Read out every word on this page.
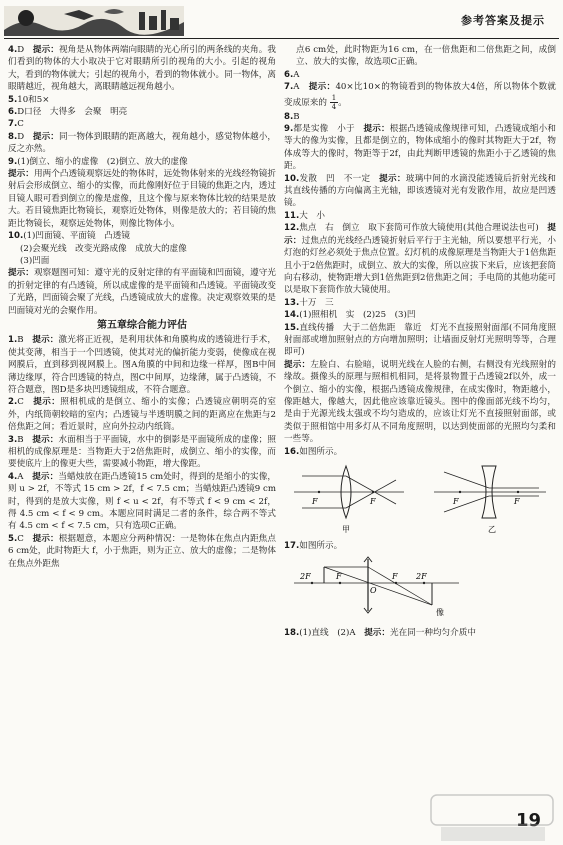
参考答案及提示

4.D　 提示：视角是从物体两端向眼睛的光心所引的两条线的夹角。我们看到的物体的大小取决于它对眼睛所引的视角的大小。引起的视角大，看到的物体就大；引起的视角小，看到的物体就小。同一物体，离眼睛越近，视角越大，离眼睛越远视角越小。

5.10和5×

6.D口径　大得多　会聚　明亮

7.C

8.D　 提示：同一物体到眼睛的距离越大，视角越小，感觉物体越小，反之亦然。

9.(1)倒立、缩小的虚像　(2)倒立、放大的虚像
提示：用两个凸透镜观察远处的物体时，远处物体射来的光线经物镜折射后会形成倒立、缩小的实像，而此像刚好位于目镜的焦距之内，透过目镜人眼可看到倒立的像是虚像，且这个像与原来物体比较的结果是放大。若目镜焦距比物镜长，观察近处物体，则像是放大的；若目镜的焦距比物镜长，观察远处物体，则像比物体小。

10.(1)凹面镜、平面镜　凸透镜

(2)会聚光线　改变光路成像　成放大的虚像

(3)凹面

提示：观察题图可知：遵守光的反射定律的有平面镜和凹面镜，遵守光的折射定律的有凸透镜，所以成虚像的是平面镜和凸透镜。平面镜改变了光路，凹面镜会聚了光线，凸透镜成放大的虚像。决定观察效果的是凹面镜对光的会聚作用。

第五章综合能力评估

1.B　 提示：激光将正近视，是利用状体和角膜构成的透镜进行手术，使其变薄，相当于一个凹透镜，使其对光的偏折能力变弱，使像成在视网膜后，直到移到视网膜上。图A角膜的中间和边缘一样厚，图B中间薄边缘厚，符合凹透镜的特点，图C中间厚，边缘薄，属于凸透镜，不符合题意，图D是多块凹透镜组成，不符合题意。

2.C　 提示：照相机成的是倒立、缩小的实像；凸透镜应朝明亮的室外，内纸筒朝较暗的室内；凸透镜与半透明膜之间的距离应在焦距与2倍焦距之间；看近景时，应向外拉动内纸筒。

3.B　 提示：水面相当于平面镜，水中的倒影是平面镜所成的虚像；照相机的成像原理是：当物距大于2倍焦距时，成倒立、缩小的实像，而要使底片上的像更大些，需要减小物距，增大像距。

4.A　 提示：当蜡烛放在距凸透镜15 cm处时，得到的是缩小的实像，则 u > 2f，不等式 15 cm > 2f，f < 7.5 cm；当蜡烛距凸透镜9 cm时，得到的是放大实像，则 f < u < 2f，有不等式 f < 9 cm < 2f，得 4.5 cm < f < 9 cm。本题应同时满足二者的条件，综合两不等式有 4.5 cm < f < 7.5 cm，只有选项C正确。

5.C　 提示：根据题意，本题应分两种情况：一是物体在焦点内距焦点6 cm处，此时物距大 f，小于焦距，则为正立、放大的虚像；二是物体在焦点外距焦

点6 cm处，此时物距为16 cm，在一倍焦距和二倍焦距之间，成倒立、放大的实像，故选项C正确。

6.A

7.A　 提示：40×比10×的物镜看到的物体放大4倍，所以物体个数就变成原来的 $\frac{1}{4}$ 。

8.B

9.都是实像　小于　 提示：根据凸透镜成像规律可知，凸透镜成缩小和等大的像为实像，且都是倒立的，物体成缩小的像时其物距大于2f，物体成等大的像时，物距等于2f，由此判断甲透镜的焦距小于乙透镜的焦距。

10.发散　凹　不一定　 提示：玻璃中间的水滴没能透镜后折射光线和其直线传播的方向偏离主光轴，即该透镜对光有发散作用，故应是凹透镜。

11.大　小

12.焦点　右　倒立　取下套筒可作放大镜使用(其他合理说法也可)　 提示：过焦点的光线经凸透镜折射后平行于主光轴，所以要想平行光，小灯泡的灯丝必须处于焦点位置。幻灯机的成像原理是当物距大于1倍焦距且小于2倍焦距时，成倒立、放大的实像，所以应拔下来后，应该把套筒向右移动，使物距增大到1倍焦距到2倍焦距之间；手电筒的其他功能可以是取下套筒作放大镜使用。

13.十万　三

14.(1)照相机　实　(2)25　(3)凹

15.直线传播　大于二倍焦距　靠近　灯光不直接照射面部(不同角度照射面部或增加照射点的方向增加照明；让墙面反射灯光照明等等，合理即可)
提示：左脸白、右脸暗，说明光线在人脸的右侧，右侧没有光线照射的缘故。摄像头的原理与照相机相同，是将景物置于凸透镜2f以外，成一个倒立、缩小的实像，根据凸透镜成像规律，在成实像时，物距越小，像距越大，像越大，因此他应该靠近镜头。图中的像面部光线不均匀，是由于光源光线太强或不均匀造成的，应该让灯光不直接照射面部，或类似于照相馆中用多灯从不同角度照明，以达到使面部的光照均匀柔和一些等。

16.如图所示。

F	F
甲
F	F
乙

17.如图所示。

2F	F
O
F 2F
像

18.(1)直线　(2)A　 提示：光在同一种均匀介质中

19
